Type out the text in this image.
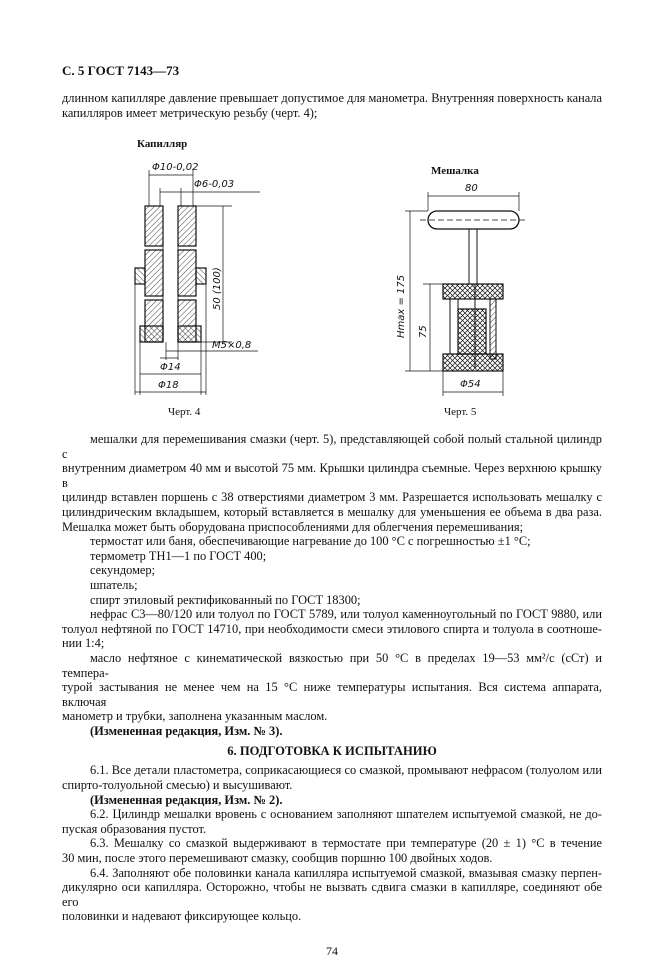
С. 5 ГОСТ 7143—73
длинном капилляре давление превышает допустимое для манометра. Внутренняя поверхность канала
капилляров имеет метрическую резьбу (черт. 4);
Капилляр
Φ10-0,02
Φ6-0,03
50 (100)
M5×0,8
Φ14
Φ18
Черт. 4
Мешалка
80
Hmax = 175 75
Φ54
Черт. 5
мешалки для перемешивания смазки (черт. 5), представляющей собой полый стальной цилиндр с
внутренним диаметром 40 мм и высотой 75 мм. Крышки цилиндра съемные. Через верхнюю крышку в
цилиндр вставлен поршень с 38 отверстиями диаметром 3 мм. Разрешается использовать мешалку с
цилиндрическим вкладышем, который вставляется в мешалку для уменьшения ее объема в два раза.
Мешалка может быть оборудована приспособлениями для облегчения перемешивания;
термостат или баня, обеспечивающие нагревание до 100 °С с погрешностью ±1 °С;
термометр ТН1—1 по ГОСТ 400;
секундомер;
шпатель;
спирт этиловый ректификованный по ГОСТ 18300;
нефрас С3—80/120 или толуол по ГОСТ 5789, или толуол каменноугольный по ГОСТ 9880, или
толуол нефтяной по ГОСТ 14710, при необходимости смеси этилового спирта и толуола в соотноше-
нии 1:4;
масло нефтяное с кинематической вязкостью при 50 °С в пределах 19—53 мм²/с (сСт) и темпера-
турой застывания не менее чем на 15 °С ниже температуры испытания. Вся система аппарата, включая
манометр и трубки, заполнена указанным маслом.
(Измененная редакция, Изм. № 3).
6. ПОДГОТОВКА К ИСПЫТАНИЮ
6.1. Все детали пластометра, соприкасающиеся со смазкой, промывают нефрасом (толуолом или
спирто-толуольной смесью) и высушивают.
(Измененная редакция, Изм. № 2).
6.2. Цилиндр мешалки вровень с основанием заполняют шпателем испытуемой смазкой, не до-
пуская образования пустот.
6.3. Мешалку со смазкой выдерживают в термостате при температуре (20 ± 1) °С в течение
30 мин, после этого перемешивают смазку, сообщив поршню 100 двойных ходов.
6.4. Заполняют обе половинки канала капилляра испытуемой смазкой, вмазывая смазку перпен-
дикулярно оси капилляра. Осторожно, чтобы не вызвать сдвига смазки в капилляре, соединяют обе его
половинки и надевают фиксирующее кольцо.
74
